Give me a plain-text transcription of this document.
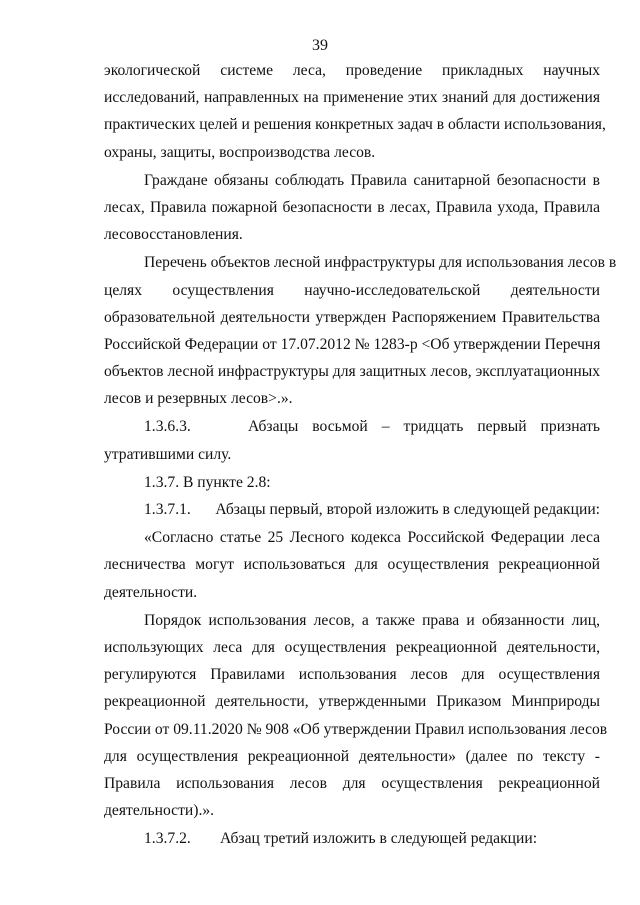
39
экологической системе леса, проведение прикладных научных
исследований, направленных на применение этих знаний для достижения
практических целей и решения конкретных задач в области использования,
охраны, защиты, воспроизводства лесов.
Граждане обязаны соблюдать Правила санитарной безопасности в
лесах, Правила пожарной безопасности в лесах, Правила ухода, Правила
лесовосстановления.
Перечень объектов лесной инфраструктуры для использования лесов в
целях осуществления научно-исследовательской деятельности
образовательной деятельности утвержден Распоряжением Правительства
Российской Федерации от 17.07.2012 № 1283-р <Об утверждении Перечня
объектов лесной инфраструктуры для защитных лесов, эксплуатационных
лесов и резервных лесов>.».
1.3.6.3.	Абзацы восьмой – тридцать первый признать
утратившими силу.
1.3.7. В пункте 2.8:
1.3.7.1.	Абзацы первый, второй изложить в следующей редакции:
«Согласно статье 25 Лесного кодекса Российской Федерации леса
лесничества могут использоваться для осуществления рекреационной
деятельности.
Порядок использования лесов, а также права и обязанности лиц,
использующих леса для осуществления рекреационной деятельности,
регулируются Правилами использования лесов для осуществления
рекреационной деятельности, утвержденными Приказом Минприроды
России от 09.11.2020 № 908 «Об утверждении Правил использования лесов
для осуществления рекреационной деятельности» (далее по тексту -
Правила использования лесов для осуществления рекреационной
деятельности).».
1.3.7.2.	Абзац третий изложить в следующей редакции:
